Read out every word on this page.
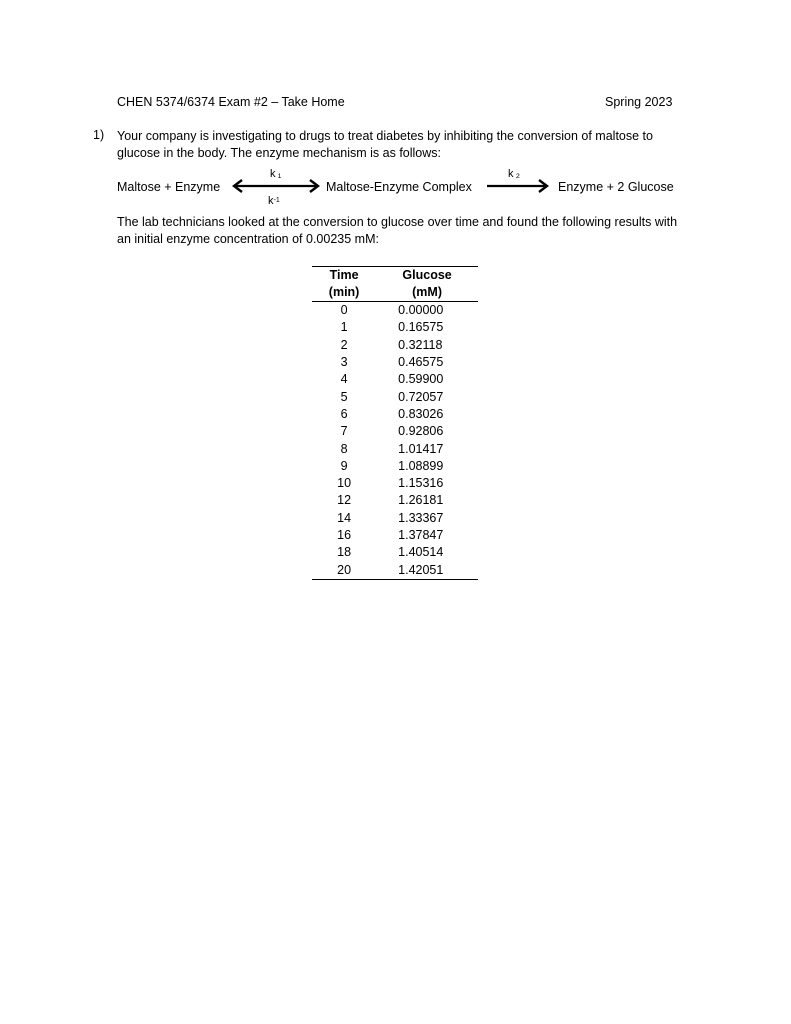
CHEN 5374/6374 Exam #2 – Take Home	Spring 2023
1) Your company is investigating to drugs to treat diabetes by inhibiting the conversion of maltose to glucose in the body. The enzyme mechanism is as follows:
Maltose + Enzyme
k ₁
$k_{-1}$
Maltose-Enzyme Complex
k ₂
Enzyme + 2 Glucose
The lab technicians looked at the conversion to glucose over time and found the following results with an initial enzyme concentration of 0.00235 mM:
Time	Glucose
(min)	(mM)
0	0.00000
1	0.16575
2	0.32118
3	0.46575
4	0.59900
5	0.72057
6	0.83026
7	0.92806
8	1.01417
9	1.08899
10	1.15316
12	1.26181
14	1.33367
16	1.37847
18	1.40514
20	1.42051
